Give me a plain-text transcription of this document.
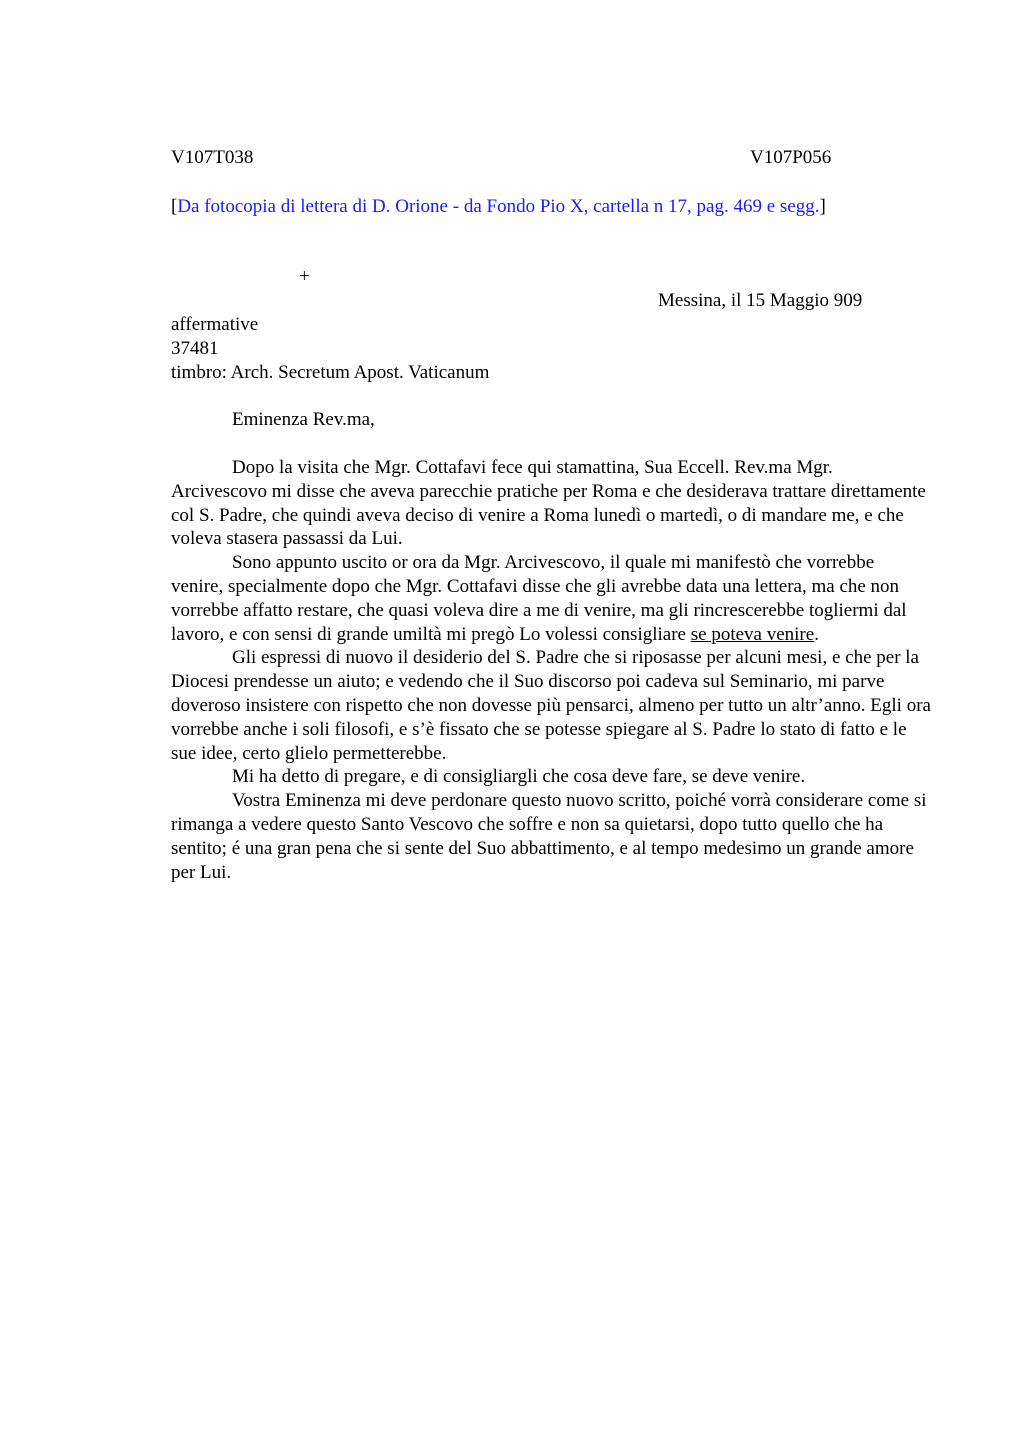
V107T038	V107P056
[Da fotocopia di lettera di D. Orione - da Fondo Pio X, cartella n 17, pag. 469 e segg.]
+
Messina, il 15 Maggio 909
affermative
37481
timbro: Arch. Secretum Apost. Vaticanum
Eminenza Rev.ma,
Dopo la visita che Mgr. Cottafavi fece qui stamattina, Sua Eccell. Rev.ma Mgr. Arcivescovo mi disse che aveva parecchie pratiche per Roma e che desiderava trattare direttamente col S. Padre, che quindi aveva deciso di venire a Roma lunedì o martedì, o di mandare me, e che voleva stasera passassi da Lui.
Sono appunto uscito or ora da Mgr. Arcivescovo, il quale mi manifestò che vorrebbe venire, specialmente dopo che Mgr. Cottafavi disse che gli avrebbe data una lettera, ma che non vorrebbe affatto restare, che quasi voleva dire a me di venire, ma gli rincrescerebbe togliermi dal lavoro, e con sensi di grande umiltà mi pregò Lo volessi consigliare se poteva venire.
Gli espressi di nuovo il desiderio del S. Padre che si riposasse per alcuni mesi, e che per la Diocesi prendesse un aiuto; e vedendo che il Suo discorso poi cadeva sul Seminario, mi parve doveroso insistere con rispetto che non dovesse più pensarci, almeno per tutto un altr’anno. Egli ora vorrebbe anche i soli filosofi, e s’è fissato che se potesse spiegare al S. Padre lo stato di fatto e le sue idee, certo glielo permetterebbe.
Mi ha detto di pregare, e di consigliargli che cosa deve fare, se deve venire.
Vostra Eminenza mi deve perdonare questo nuovo scritto, poiché vorrà considerare come si rimanga a vedere questo Santo Vescovo che soffre e non sa quietarsi, dopo tutto quello che ha sentito; é una gran pena che si sente del Suo abbattimento, e al tempo medesimo un grande amore per Lui.
